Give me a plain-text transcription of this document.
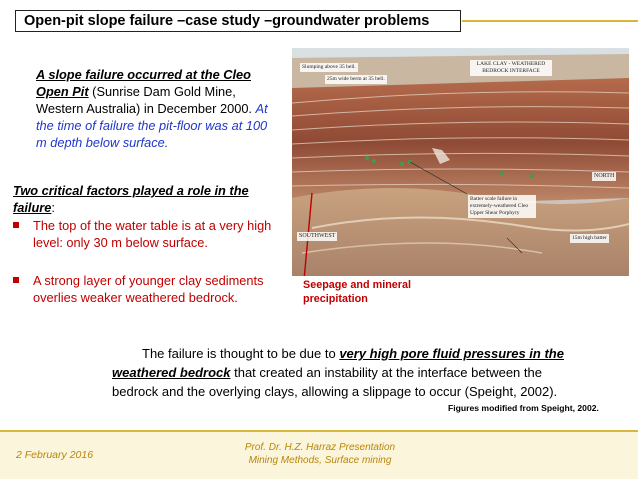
Open-pit slope failure –case study –groundwater problems
A slope failure occurred at the Cleo Open Pit (Sunrise Dam Gold Mine, Western Australia) in December 2000. At the time of failure the pit-floor was at 100 m depth below surface.
Two critical factors played a role in the failure:
The top of the water table is at a very high level: only 30 m below surface.
A strong layer of younger clay sediments overlies weaker weathered bedrock.
Slumping above 35 bell.
25m wide berm at 35 bell.
LAKE CLAY - WEATHERED BEDROCK INTERFACE
NORTH
SOUTHWEST
Batter scale failure in extremely-weathered Cleo Upper Shear Porphyry
15m high batter
Seepage and mineral
precipitation
The failure is thought to be due to very high pore fluid pressures in the weathered bedrock that created an instability at the interface between the bedrock and the overlying clays, allowing a slippage to occur (Speight, 2002).
Figures modified from Speight, 2002.
2 February 2016
Prof. Dr. H.Z. Harraz Presentation
Mining Methods, Surface mining
